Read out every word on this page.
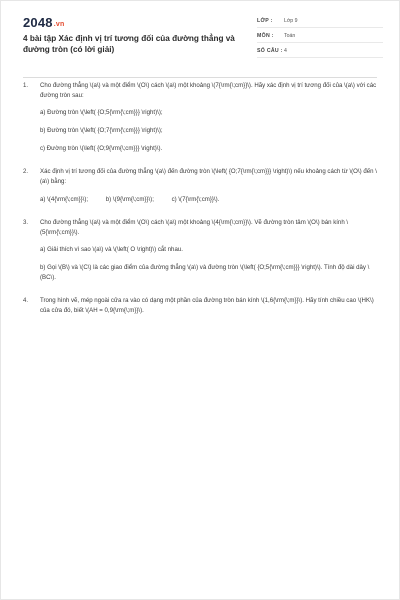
2048.vn
4 bài tập Xác định vị trí tương đối của đường thẳng và đường tròn (có lời giải)
LỚP : Lớp 9
MÔN : Toán
SỐ CÂU : 4
1. Cho đường thẳng \(a\) và một điểm \(O\) cách \(a\) một khoảng \(7{\rm{\;cm}}\). Hãy xác định vị trí tương đối của \(a\) với các đường tròn sau:
a) Đường tròn \(\left( {O;5{\rm{\;cm}}} \right)\);
b) Đường tròn \(\left( {O;7{\rm{\;cm}}} \right)\);
c) Đường tròn \(\left( {O;9{\rm{\;cm}}} \right)\).
2. Xác định vị trí tương đối của đường thẳng \(a\) đến đường tròn \(\left( {O;7{\rm{\;cm}}} \right)\) nếu khoảng cách từ \(O\) đến \(a\) bằng:
a) \(4{\rm{\;cm}}\);	b) \(9{\rm{\;cm}}\);	c) \(7{\rm{\;cm}}\).
3. Cho đường thẳng \(a\) và một điểm \(O\) cách \(a\) một khoảng \(4{\rm{\;cm}}\). Vẽ đường tròn tâm \(O\) bán kính \(5{\rm{\;cm}}\).
a) Giải thích vì sao \(a\) và \(\left( O \right)\) cắt nhau.
b) Gọi \(B\) và \(C\) là các giao điểm của đường thẳng \(a\) và đường tròn \(\left( {O;5{\rm{\;cm}}} \right)\). Tính độ dài dây \(BC\).
4. Trong hình vẽ, mép ngoài cửa ra vào có dạng một phần của đường tròn bán kính \(1,6{\rm{\;m}}\). Hãy tính chiều cao \(HK\) của cửa đó, biết \(AH = 0,9{\rm{\;m}}\).
